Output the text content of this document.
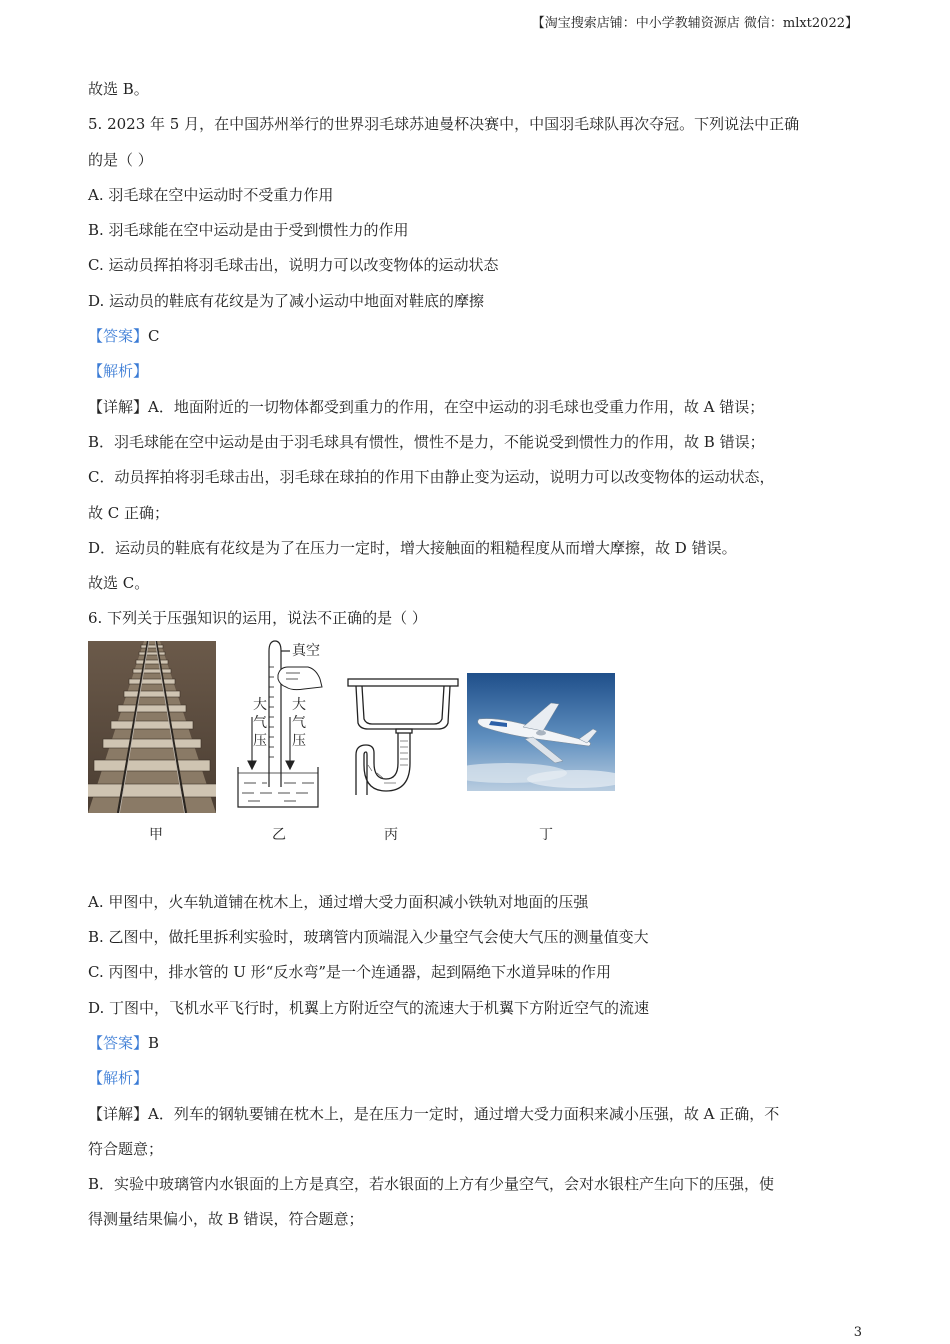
【淘宝搜索店铺：中小学教辅资源店 微信：mlxt2022】
故选 B。
5. 2023 年 5 月，在中国苏州举行的世界羽毛球苏迪曼杯决赛中，中国羽毛球队再次夺冠。下列说法中正确
的是（ ）
A. 羽毛球在空中运动时不受重力作用
B. 羽毛球能在空中运动是由于受到惯性力的作用
C. 运动员挥拍将羽毛球击出，说明力可以改变物体的运动状态
D. 运动员的鞋底有花纹是为了减小运动中地面对鞋底的摩擦
【答案】C
【解析】
【详解】A．地面附近的一切物体都受到重力的作用，在空中运动的羽毛球也受重力作用，故 A 错误；
B．羽毛球能在空中运动是由于羽毛球具有惯性，惯性不是力，不能说受到惯性力的作用，故 B 错误；
C．动员挥拍将羽毛球击出，羽毛球在球拍的作用下由静止变为运动，说明力可以改变物体的运动状态，
故 C 正确；
D．运动员的鞋底有花纹是为了在压力一定时，增大接触面的粗糙程度从而增大摩擦，故 D 错误。
故选 C。
6. 下列关于压强知识的运用，说法不正确的是（ ）
真空
大
气
压
大
气
压
甲	乙	丙	丁
A. 甲图中，火车轨道铺在枕木上，通过增大受力面积减小铁轨对地面的压强
B. 乙图中，做托里拆利实验时，玻璃管内顶端混入少量空气会使大气压的测量值变大
C. 丙图中，排水管的 U 形“反水弯”是一个连通器，起到隔绝下水道异味的作用
D. 丁图中，飞机水平飞行时，机翼上方附近空气的流速大于机翼下方附近空气的流速
【答案】B
【解析】
【详解】A．列车的钢轨要铺在枕木上，是在压力一定时，通过增大受力面积来减小压强，故 A 正确，不
符合题意；
B．实验中玻璃管内水银面的上方是真空，若水银面的上方有少量空气，会对水银柱产生向下的压强，使
得测量结果偏小，故 B 错误，符合题意；
3
